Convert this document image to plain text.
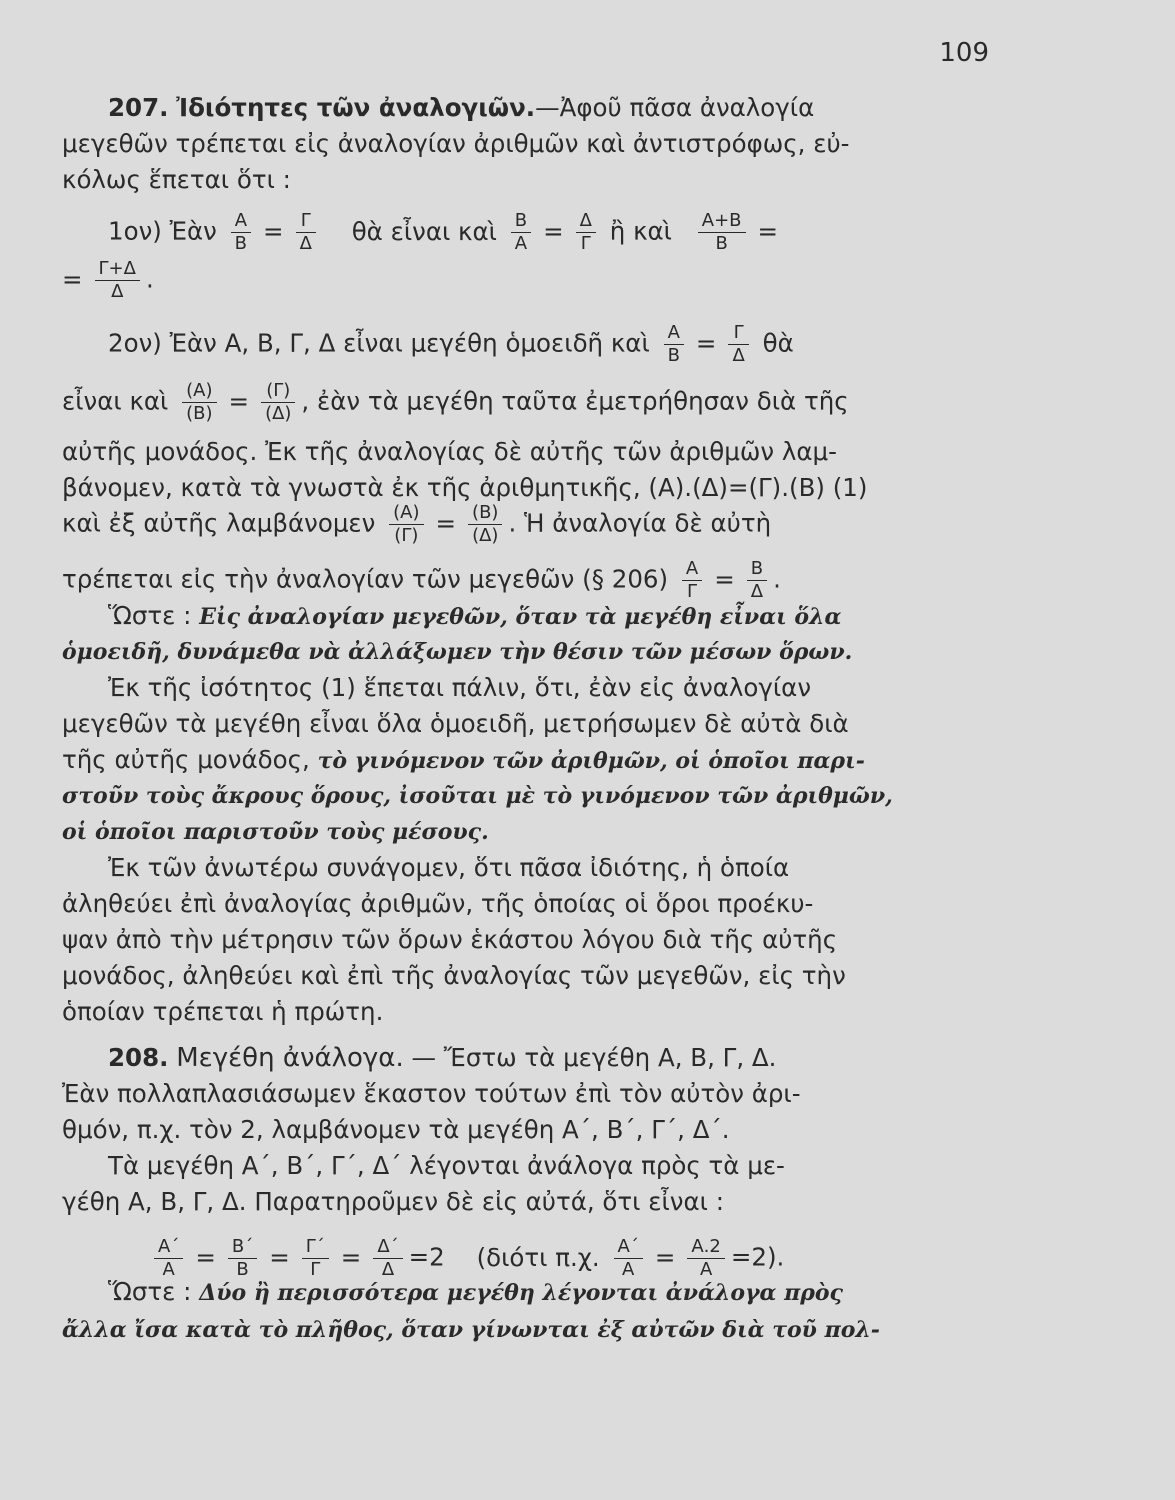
109
207. Ἰδιότητες τῶν ἀναλογιῶν.—Ἀφοῦ πᾶσα ἀναλογία
μεγεθῶν τρέπεται εἰς ἀναλογίαν ἀριθμῶν καὶ ἀντιστρόφως, εὐ-
κόλως ἕπεται ὅτι :
1ον) Ἐὰν $\frac{A}{B} = \frac{\Gamma}{\Delta}$ θὰ εἶναι καὶ $\frac{B}{A} = \frac{\Delta}{\Gamma}$ ἢ καὶ $\frac{A+B}{B}$ =
= $\frac{\Gamma+\Delta}{\Delta}$ .
2ον) Ἐὰν Α, Β, Γ, Δ εἶναι μεγέθη ὁμοειδῆ καὶ $\frac{A}{B} = \frac{\Gamma}{\Delta}$ θὰ
εἶναι καὶ $\frac{(A)}{(B)} = \frac{(\Gamma)}{(\Delta)}$ , ἐὰν τὰ μεγέθη ταῦτα ἐμετρήθησαν διὰ τῆς
αὐτῆς μονάδος. Ἐκ τῆς ἀναλογίας δὲ αὐτῆς τῶν ἀριθμῶν λαμ-
βάνομεν, κατὰ τὰ γνωστὰ ἐκ τῆς ἀριθμητικῆς, (Α).(Δ)=(Γ).(Β) (1)
καὶ ἐξ αὐτῆς λαμβάνομεν $\frac{(A)}{(\Gamma)} = \frac{(B)}{(\Delta)}$ . Ἡ ἀναλογία δὲ αὐτὴ
τρέπεται εἰς τὴν ἀναλογίαν τῶν μεγεθῶν (§ $206) \frac{A}{\Gamma} = \frac{B}{\Delta}$ .
Ὥστε : Εἰς ἀναλογίαν μεγεθῶν, ὅταν τὰ μεγέθη εἶναι ὅλα
ὁμοειδῆ, δυνάμεθα νὰ ἀλλάξωμεν τὴν θέσιν τῶν μέσων ὅρων.
Ἐκ τῆς ἰσότητος (1) ἕπεται πάλιν, ὅτι, ἐὰν εἰς ἀναλογίαν
μεγεθῶν τὰ μεγέθη εἶναι ὅλα ὁμοειδῆ, μετρήσωμεν δὲ αὐτὰ διὰ
τῆς αὐτῆς μονάδος, τὸ γινόμενον τῶν ἀριθμῶν, οἱ ὁποῖοι παρι-
στοῦν τοὺς ἄκρους ὅρους, ἰσοῦται μὲ τὸ γινόμενον τῶν ἀριθμῶν,
οἱ ὁποῖοι παριστοῦν τοὺς μέσους.
Ἐκ τῶν ἀνωτέρω συνάγομεν, ὅτι πᾶσα ἰδιότης, ἡ ὁποία
ἀληθεύει ἐπὶ ἀναλογίας ἀριθμῶν, τῆς ὁποίας οἱ ὅροι προέκυ-
ψαν ἀπὸ τὴν μέτρησιν τῶν ὅρων ἑκάστου λόγου διὰ τῆς αὐτῆς
μονάδος, ἀληθεύει καὶ ἐπὶ τῆς ἀναλογίας τῶν μεγεθῶν, εἰς τὴν
ὁποίαν τρέπεται ἡ πρώτη.
208. Μεγέθη ἀνάλογα. — Ἔστω τὰ μεγέθη Α, Β, Γ, Δ.
Ἐὰν πολλαπλασιάσωμεν ἕκαστον τούτων ἐπὶ τὸν αὐτὸν ἀρι-
θμόν, π.χ. τὸν 2, λαμβάνομεν τὰ μεγέθη Α΄, Β΄, Γ΄, Δ΄.
Τὰ μεγέθη Α΄, Β΄, Γ΄, Δ΄ λέγονται ἀνάλογα πρὸς τὰ με-
γέθη Α, Β, Γ, Δ. Παρατηροῦμεν δὲ εἰς αὐτά, ὅτι εἶναι :
$\frac{A΄}{A} = \frac{B΄}{B} = \frac{\Gamma΄}{\Gamma} = \frac{\Delta΄}{\Delta} =2$ (διότι π.χ. $\frac{A΄}{A} = \frac{A.2}{A} =2$).
Ὥστε : Δύο ἢ περισσότερα μεγέθη λέγονται ἀνάλογα πρὸς
ἄλλα ἴσα κατὰ τὸ πλῆθος, ὅταν γίνωνται ἐξ αὐτῶν διὰ τοῦ πολ-
